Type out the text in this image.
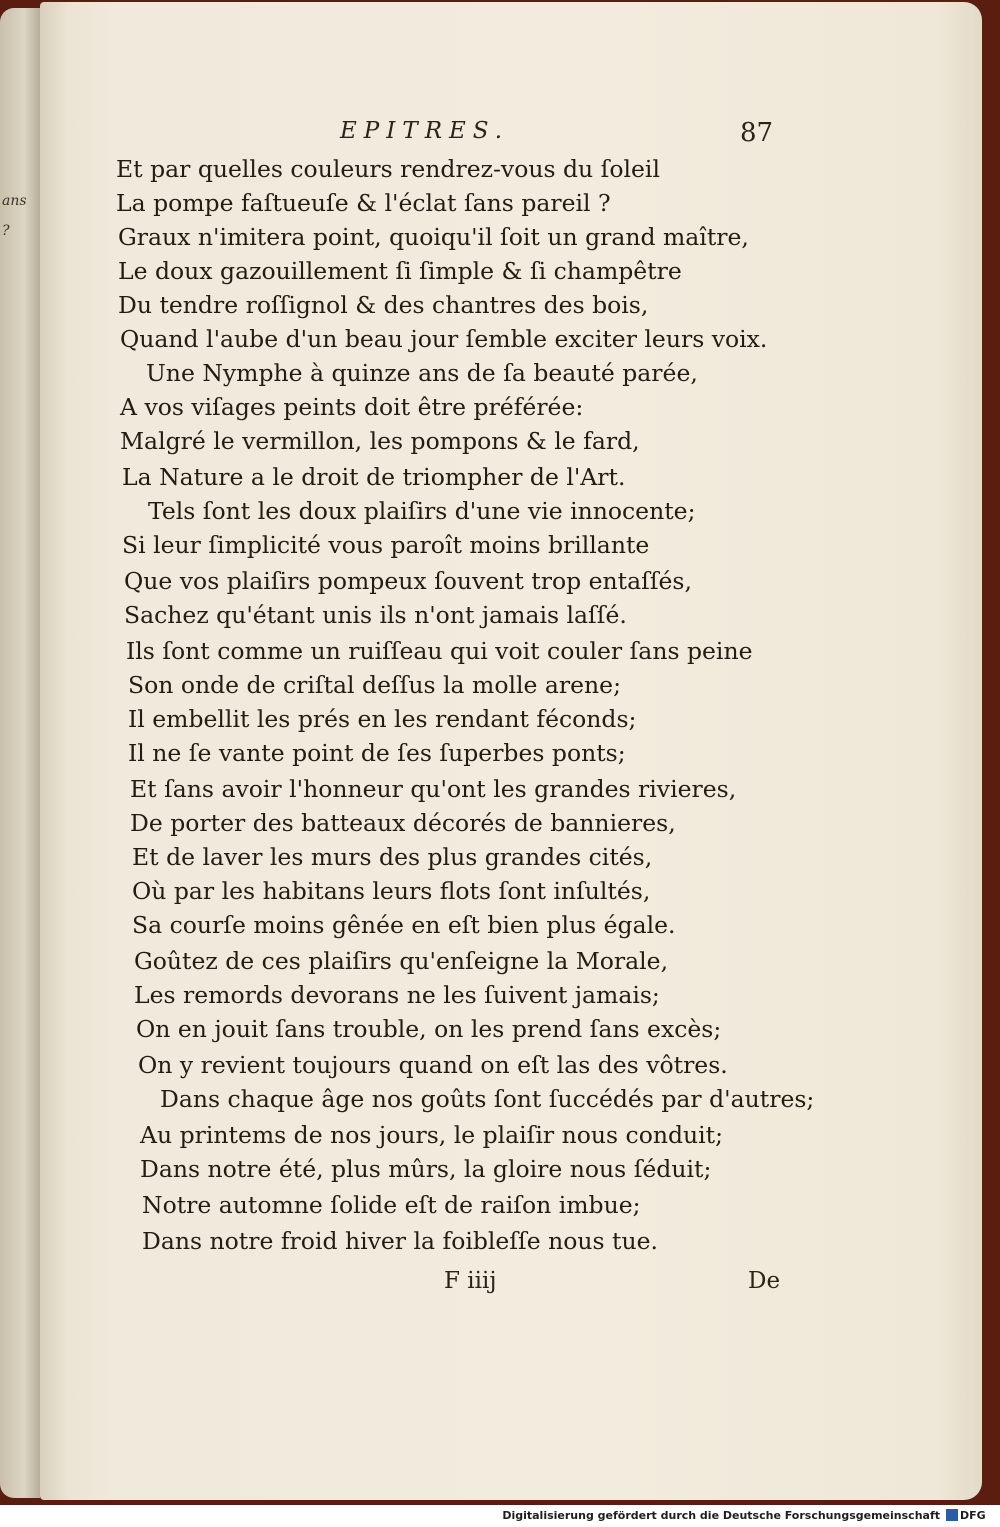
ans
?
EPITRES.	87
Et par quelles couleurs rendrez-vous du ſoleil
La pompe faſtueuſe & l'éclat ſans pareil ?
Graux n'imitera point, quoiqu'il ſoit un grand maître,
Le doux gazouillement ſi ſimple & ſi champêtre
Du tendre roſſignol & des chantres des bois,
Quand l'aube d'un beau jour ſemble exciter leurs voix.
Une Nymphe à quinze ans de ſa beauté parée,
A vos viſages peints doit être préférée:
Malgré le vermillon, les pompons & le fard,
La Nature a le droit de triompher de l'Art.
Tels ſont les doux plaiſirs d'une vie innocente;
Si leur ſimplicité vous paroît moins brillante
Que vos plaiſirs pompeux ſouvent trop entaſſés,
Sachez qu'étant unis ils n'ont jamais laſſé.
Ils ſont comme un ruiſſeau qui voit couler ſans peine
Son onde de criſtal deſſus la molle arene;
Il embellit les prés en les rendant féconds;
Il ne ſe vante point de ſes ſuperbes ponts;
Et ſans avoir l'honneur qu'ont les grandes rivieres,
De porter des batteaux décorés de bannieres,
Et de laver les murs des plus grandes cités,
Où par les habitans leurs flots ſont inſultés,
Sa courſe moins gênée en eſt bien plus égale.
Goûtez de ces plaiſirs qu'enſeigne la Morale,
Les remords devorans ne les ſuivent jamais;
On en jouit ſans trouble, on les prend ſans excès;
On y revient toujours quand on eſt las des vôtres.
Dans chaque âge nos goûts ſont ſuccédés par d'autres;
Au printems de nos jours, le plaiſir nous conduit;
Dans notre été, plus mûrs, la gloire nous ſéduit;
Notre automne ſolide eſt de raiſon imbue;
Dans notre froid hiver la foibleſſe nous tue.
F iiij	De
Digitalisierung gefördert durch die Deutsche Forschungsgemeinschaft DFG
